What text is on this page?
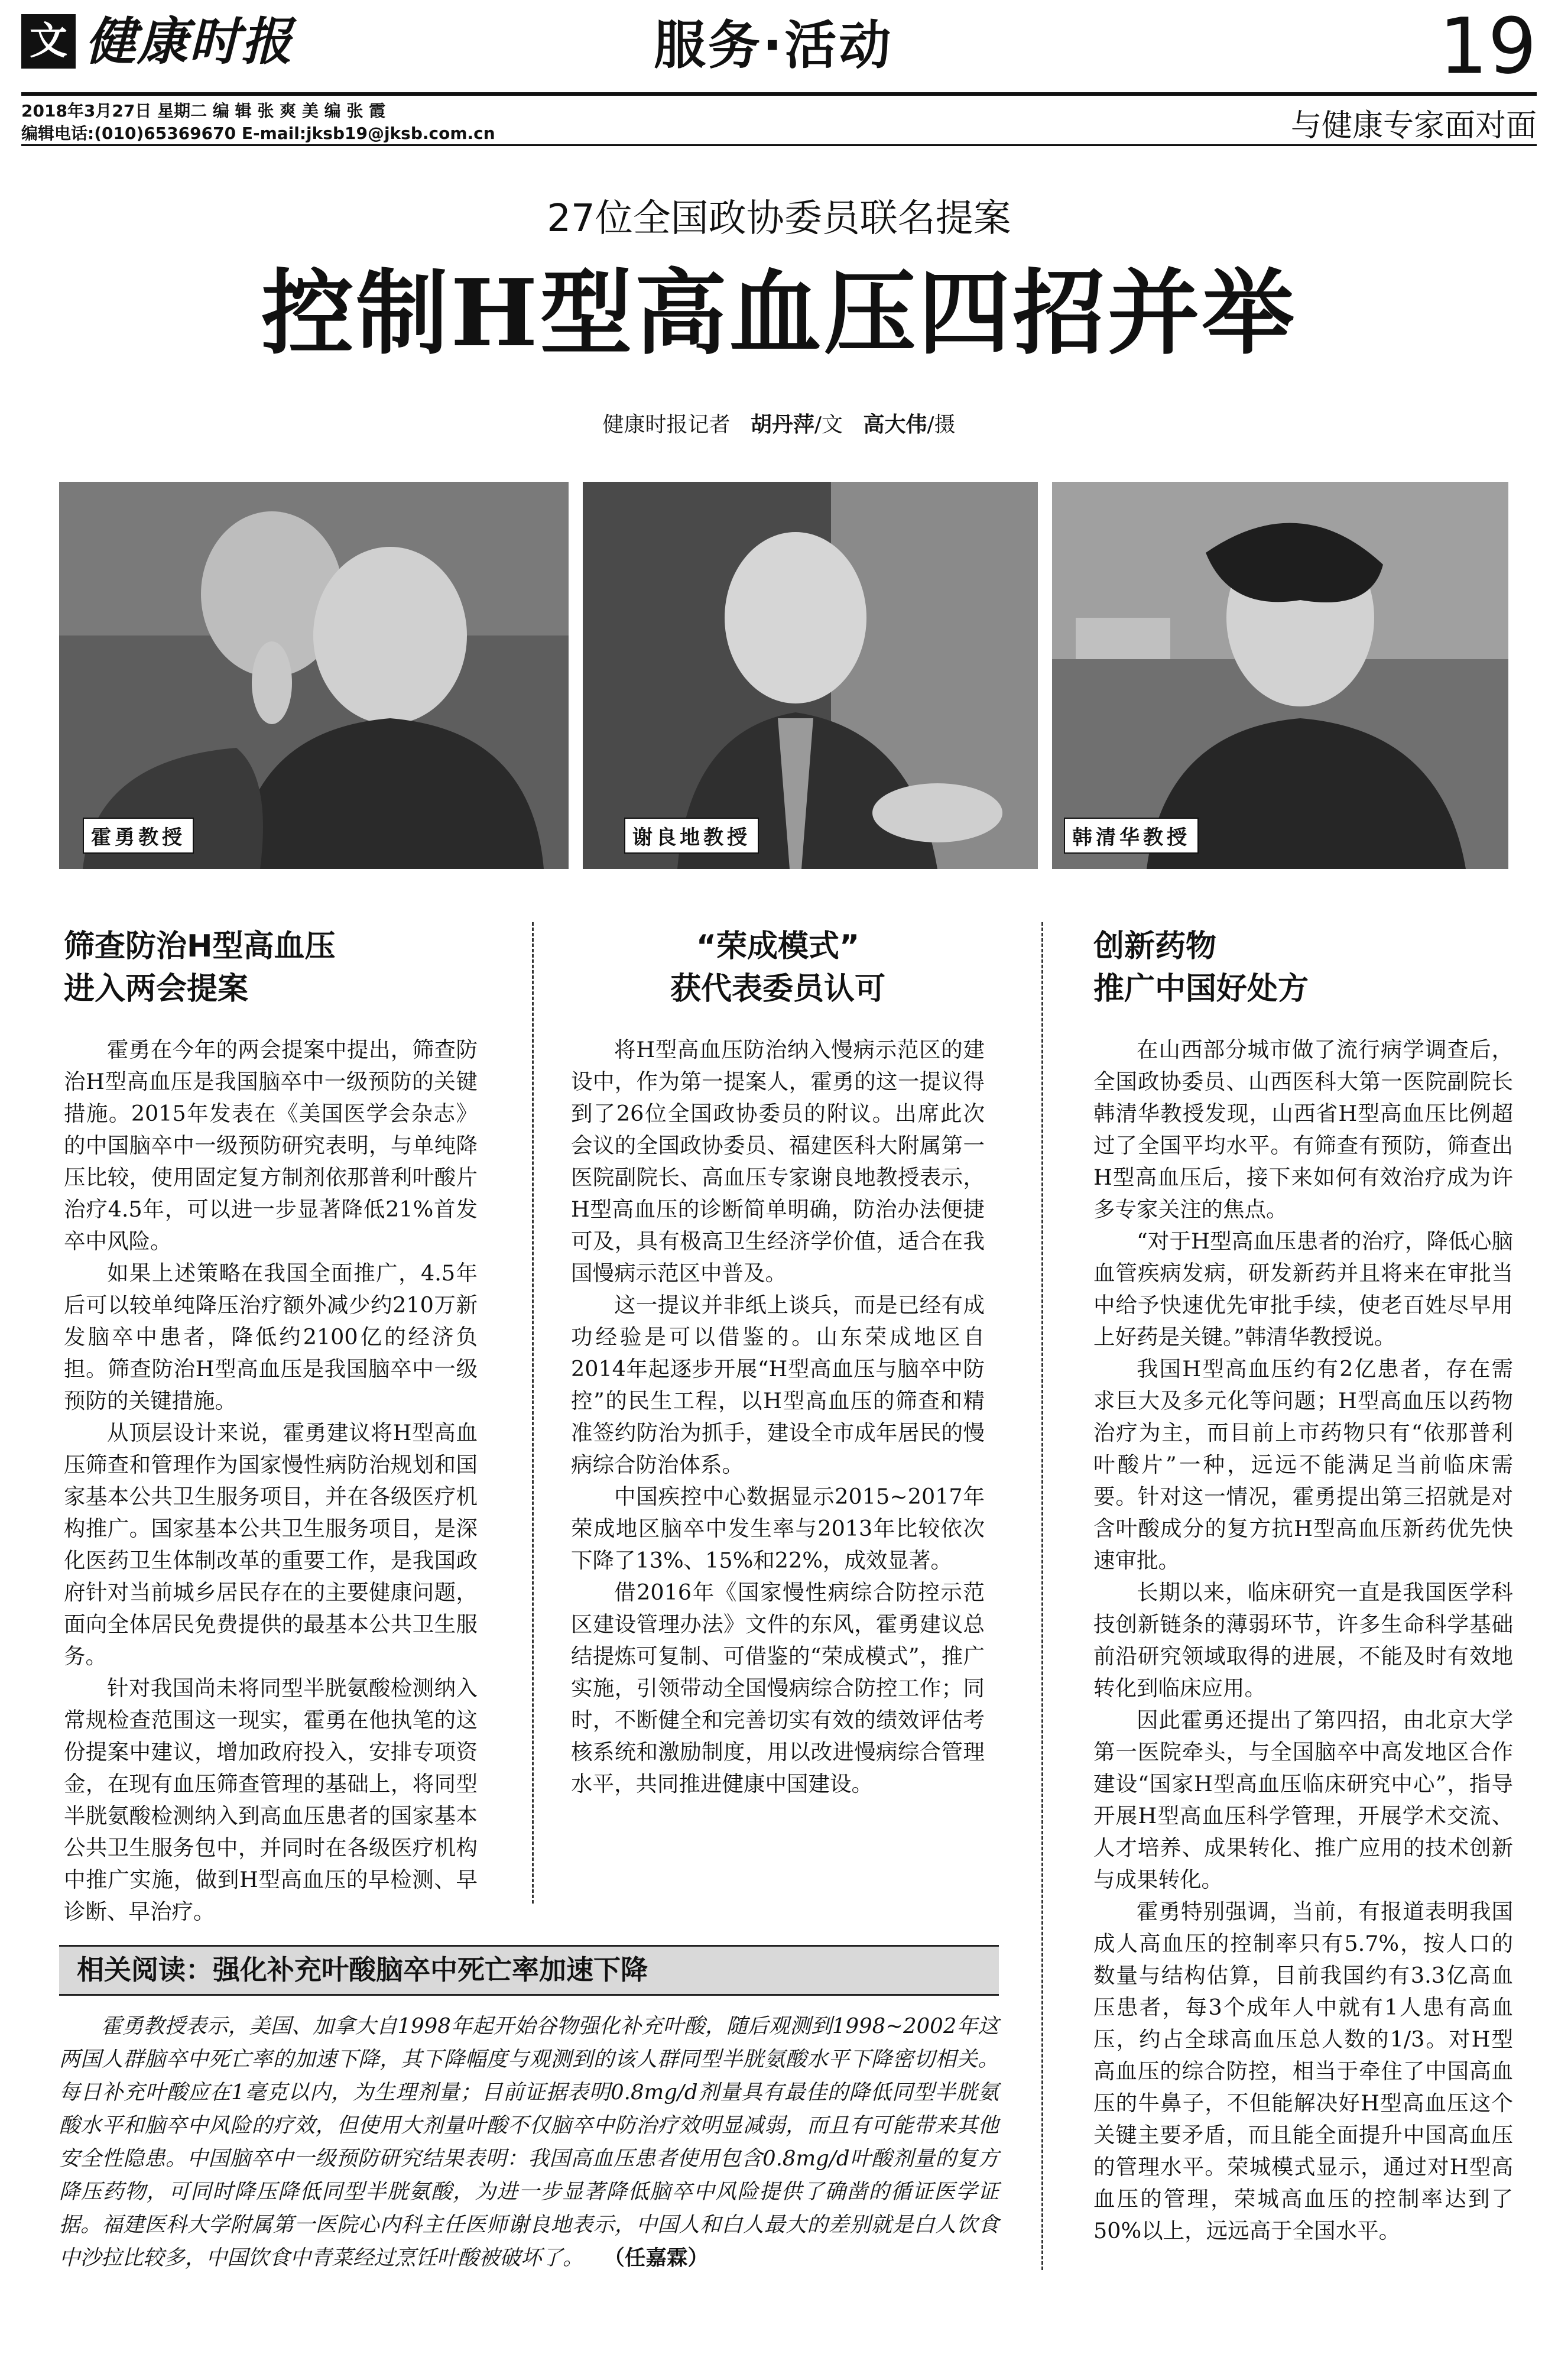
文 健康时报	服务·活动	19
2018年3月27日 星期二 编 辑 张 爽 美 编 张 霞
编辑电话:(010)65369670 E-mail:jksb19@jksb.com.cn	与健康专家面对面
27位全国政协委员联名提案
控制H型高血压四招并举
健康时报记者 胡丹萍/文 高大伟/摄
霍勇教授	谢良地教授	韩清华教授
筛查防治H型高血压
进入两会提案

霍勇在今年的两会提案中提出，筛查防治H型高血压是我国脑卒中一级预防的关键措施。2015年发表在《美国医学会杂志》的中国脑卒中一级预防研究表明，与单纯降压比较，使用固定复方制剂依那普利叶酸片治疗4.5年，可以进一步显著降低21%首发卒中风险。

如果上述策略在我国全面推广，4.5年后可以较单纯降压治疗额外减少约210万新发脑卒中患者，降低约2100亿的经济负担。筛查防治H型高血压是我国脑卒中一级预防的关键措施。

从顶层设计来说，霍勇建议将H型高血压筛查和管理作为国家慢性病防治规划和国家基本公共卫生服务项目，并在各级医疗机构推广。国家基本公共卫生服务项目，是深化医药卫生体制改革的重要工作，是我国政府针对当前城乡居民存在的主要健康问题，面向全体居民免费提供的最基本公共卫生服务。

针对我国尚未将同型半胱氨酸检测纳入常规检查范围这一现实，霍勇在他执笔的这份提案中建议，增加政府投入，安排专项资金，在现有血压筛查管理的基础上，将同型半胱氨酸检测纳入到高血压患者的国家基本公共卫生服务包中，并同时在各级医疗机构中推广实施，做到H型高血压的早检测、早诊断、早治疗。

“荣成模式”
获代表委员认可

将H型高血压防治纳入慢病示范区的建设中，作为第一提案人，霍勇的这一提议得到了26位全国政协委员的附议。出席此次会议的全国政协委员、福建医科大附属第一医院副院长、高血压专家谢良地教授表示，H型高血压的诊断简单明确，防治办法便捷可及，具有极高卫生经济学价值，适合在我国慢病示范区中普及。

这一提议并非纸上谈兵，而是已经有成功经验是可以借鉴的。山东荣成地区自2014年起逐步开展“H型高血压与脑卒中防控”的民生工程，以H型高血压的筛查和精准签约防治为抓手，建设全市成年居民的慢病综合防治体系。

中国疾控中心数据显示2015~2017年荣成地区脑卒中发生率与2013年比较依次下降了13%、15%和22%，成效显著。

借2016年《国家慢性病综合防控示范区建设管理办法》文件的东风，霍勇建议总结提炼可复制、可借鉴的“荣成模式”，推广实施，引领带动全国慢病综合防控工作；同时，不断健全和完善切实有效的绩效评估考核系统和激励制度，用以改进慢病综合管理水平，共同推进健康中国建设。

创新药物
推广中国好处方

在山西部分城市做了流行病学调查后，全国政协委员、山西医科大第一医院副院长韩清华教授发现，山西省H型高血压比例超过了全国平均水平。有筛查有预防，筛查出H型高血压后，接下来如何有效治疗成为许多专家关注的焦点。

“对于H型高血压患者的治疗，降低心脑血管疾病发病，研发新药并且将来在审批当中给予快速优先审批手续，使老百姓尽早用上好药是关键。”韩清华教授说。

我国H型高血压约有2亿患者，存在需求巨大及多元化等问题；H型高血压以药物治疗为主，而目前上市药物只有“依那普利叶酸片”一种，远远不能满足当前临床需要。针对这一情况，霍勇提出第三招就是对含叶酸成分的复方抗H型高血压新药优先快速审批。

长期以来，临床研究一直是我国医学科技创新链条的薄弱环节，许多生命科学基础前沿研究领域取得的进展，不能及时有效地转化到临床应用。

因此霍勇还提出了第四招，由北京大学第一医院牵头，与全国脑卒中高发地区合作建设“国家H型高血压临床研究中心”，指导开展H型高血压科学管理，开展学术交流、人才培养、成果转化、推广应用的技术创新与成果转化。

霍勇特别强调，当前，有报道表明我国成人高血压的控制率只有5.7%，按人口的数量与结构估算，目前我国约有3.3亿高血压患者，每3个成年人中就有1人患有高血压，约占全球高血压总人数的1/3。对H型高血压的综合防控，相当于牵住了中国高血压的牛鼻子，不但能解决好H型高血压这个关键主要矛盾，而且能全面提升中国高血压的管理水平。荣城模式显示，通过对H型高血压的管理，荣城高血压的控制率达到了50%以上，远远高于全国水平。

相关阅读：强化补充叶酸脑卒中死亡率加速下降

霍勇教授表示，美国、加拿大自1998年起开始谷物强化补充叶酸，随后观测到1998~2002年这两国人群脑卒中死亡率的加速下降，其下降幅度与观测到的该人群同型半胱氨酸水平下降密切相关。每日补充叶酸应在1毫克以内，为生理剂量；目前证据表明0.8mg/d剂量具有最佳的降低同型半胱氨酸水平和脑卒中风险的疗效，但使用大剂量叶酸不仅脑卒中防治疗效明显减弱，而且有可能带来其他安全性隐患。中国脑卒中一级预防研究结果表明：我国高血压患者使用包含0.8mg/d叶酸剂量的复方降压药物，可同时降压降低同型半胱氨酸，为进一步显著降低脑卒中风险提供了确凿的循证医学证据。福建医科大学附属第一医院心内科主任医师谢良地表示，中国人和白人最大的差别就是白人饮食中沙拉比较多，中国饮食中青菜经过烹饪叶酸被破坏了。 （任嘉霖）
